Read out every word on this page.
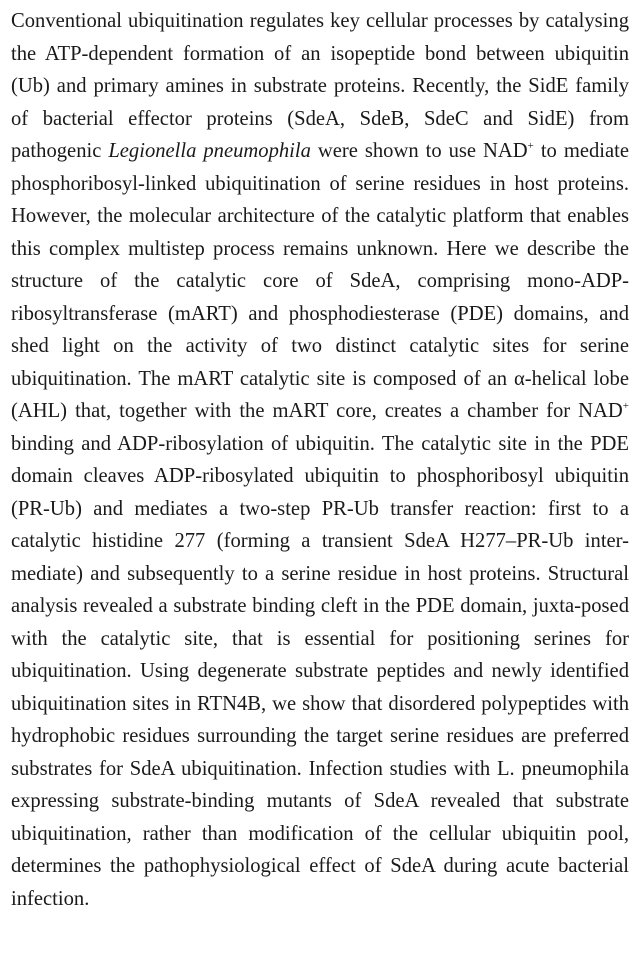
Conventional ubiquitination regulates key cellular processes by catalysing the ATP-dependent formation of an isopeptide bond between ubiquitin (Ub) and primary amines in substrate proteins. Recently, the SidE family of bacterial effector proteins (SdeA, SdeB, SdeC and SidE) from pathogenic Legionella pneumophila were shown to use NAD+ to mediate phosphoribosyl-linked ubiquitination of serine residues in host proteins. However, the molecular architecture of the catalytic platform that enables this complex multistep process remains unknown. Here we describe the structure of the catalytic core of SdeA, comprising mono-ADP-ribosyltransferase (mART) and phosphodiesterase (PDE) domains, and shed light on the activity of two distinct catalytic sites for serine ubiquitination. The mART catalytic site is composed of an α-helical lobe (AHL) that, together with the mART core, creates a chamber for NAD+ binding and ADP-ribosylation of ubiquitin. The catalytic site in the PDE domain cleaves ADP-ribosylated ubiquitin to phosphoribosyl ubiquitin (PR-Ub) and mediates a two-step PR-Ub transfer reaction: first to a catalytic histidine 277 (forming a transient SdeA H277–PR-Ub inter-mediate) and subsequently to a serine residue in host proteins. Structural analysis revealed a substrate binding cleft in the PDE domain, juxta-posed with the catalytic site, that is essential for positioning serines for ubiquitination. Using degenerate substrate peptides and newly identified ubiquitination sites in RTN4B, we show that disordered polypeptides with hydrophobic residues surrounding the target serine residues are preferred substrates for SdeA ubiquitination. Infection studies with L. pneumophila expressing substrate-binding mutants of SdeA revealed that substrate ubiquitination, rather than modification of the cellular ubiquitin pool, determines the pathophysiological effect of SdeA during acute bacterial infection.
